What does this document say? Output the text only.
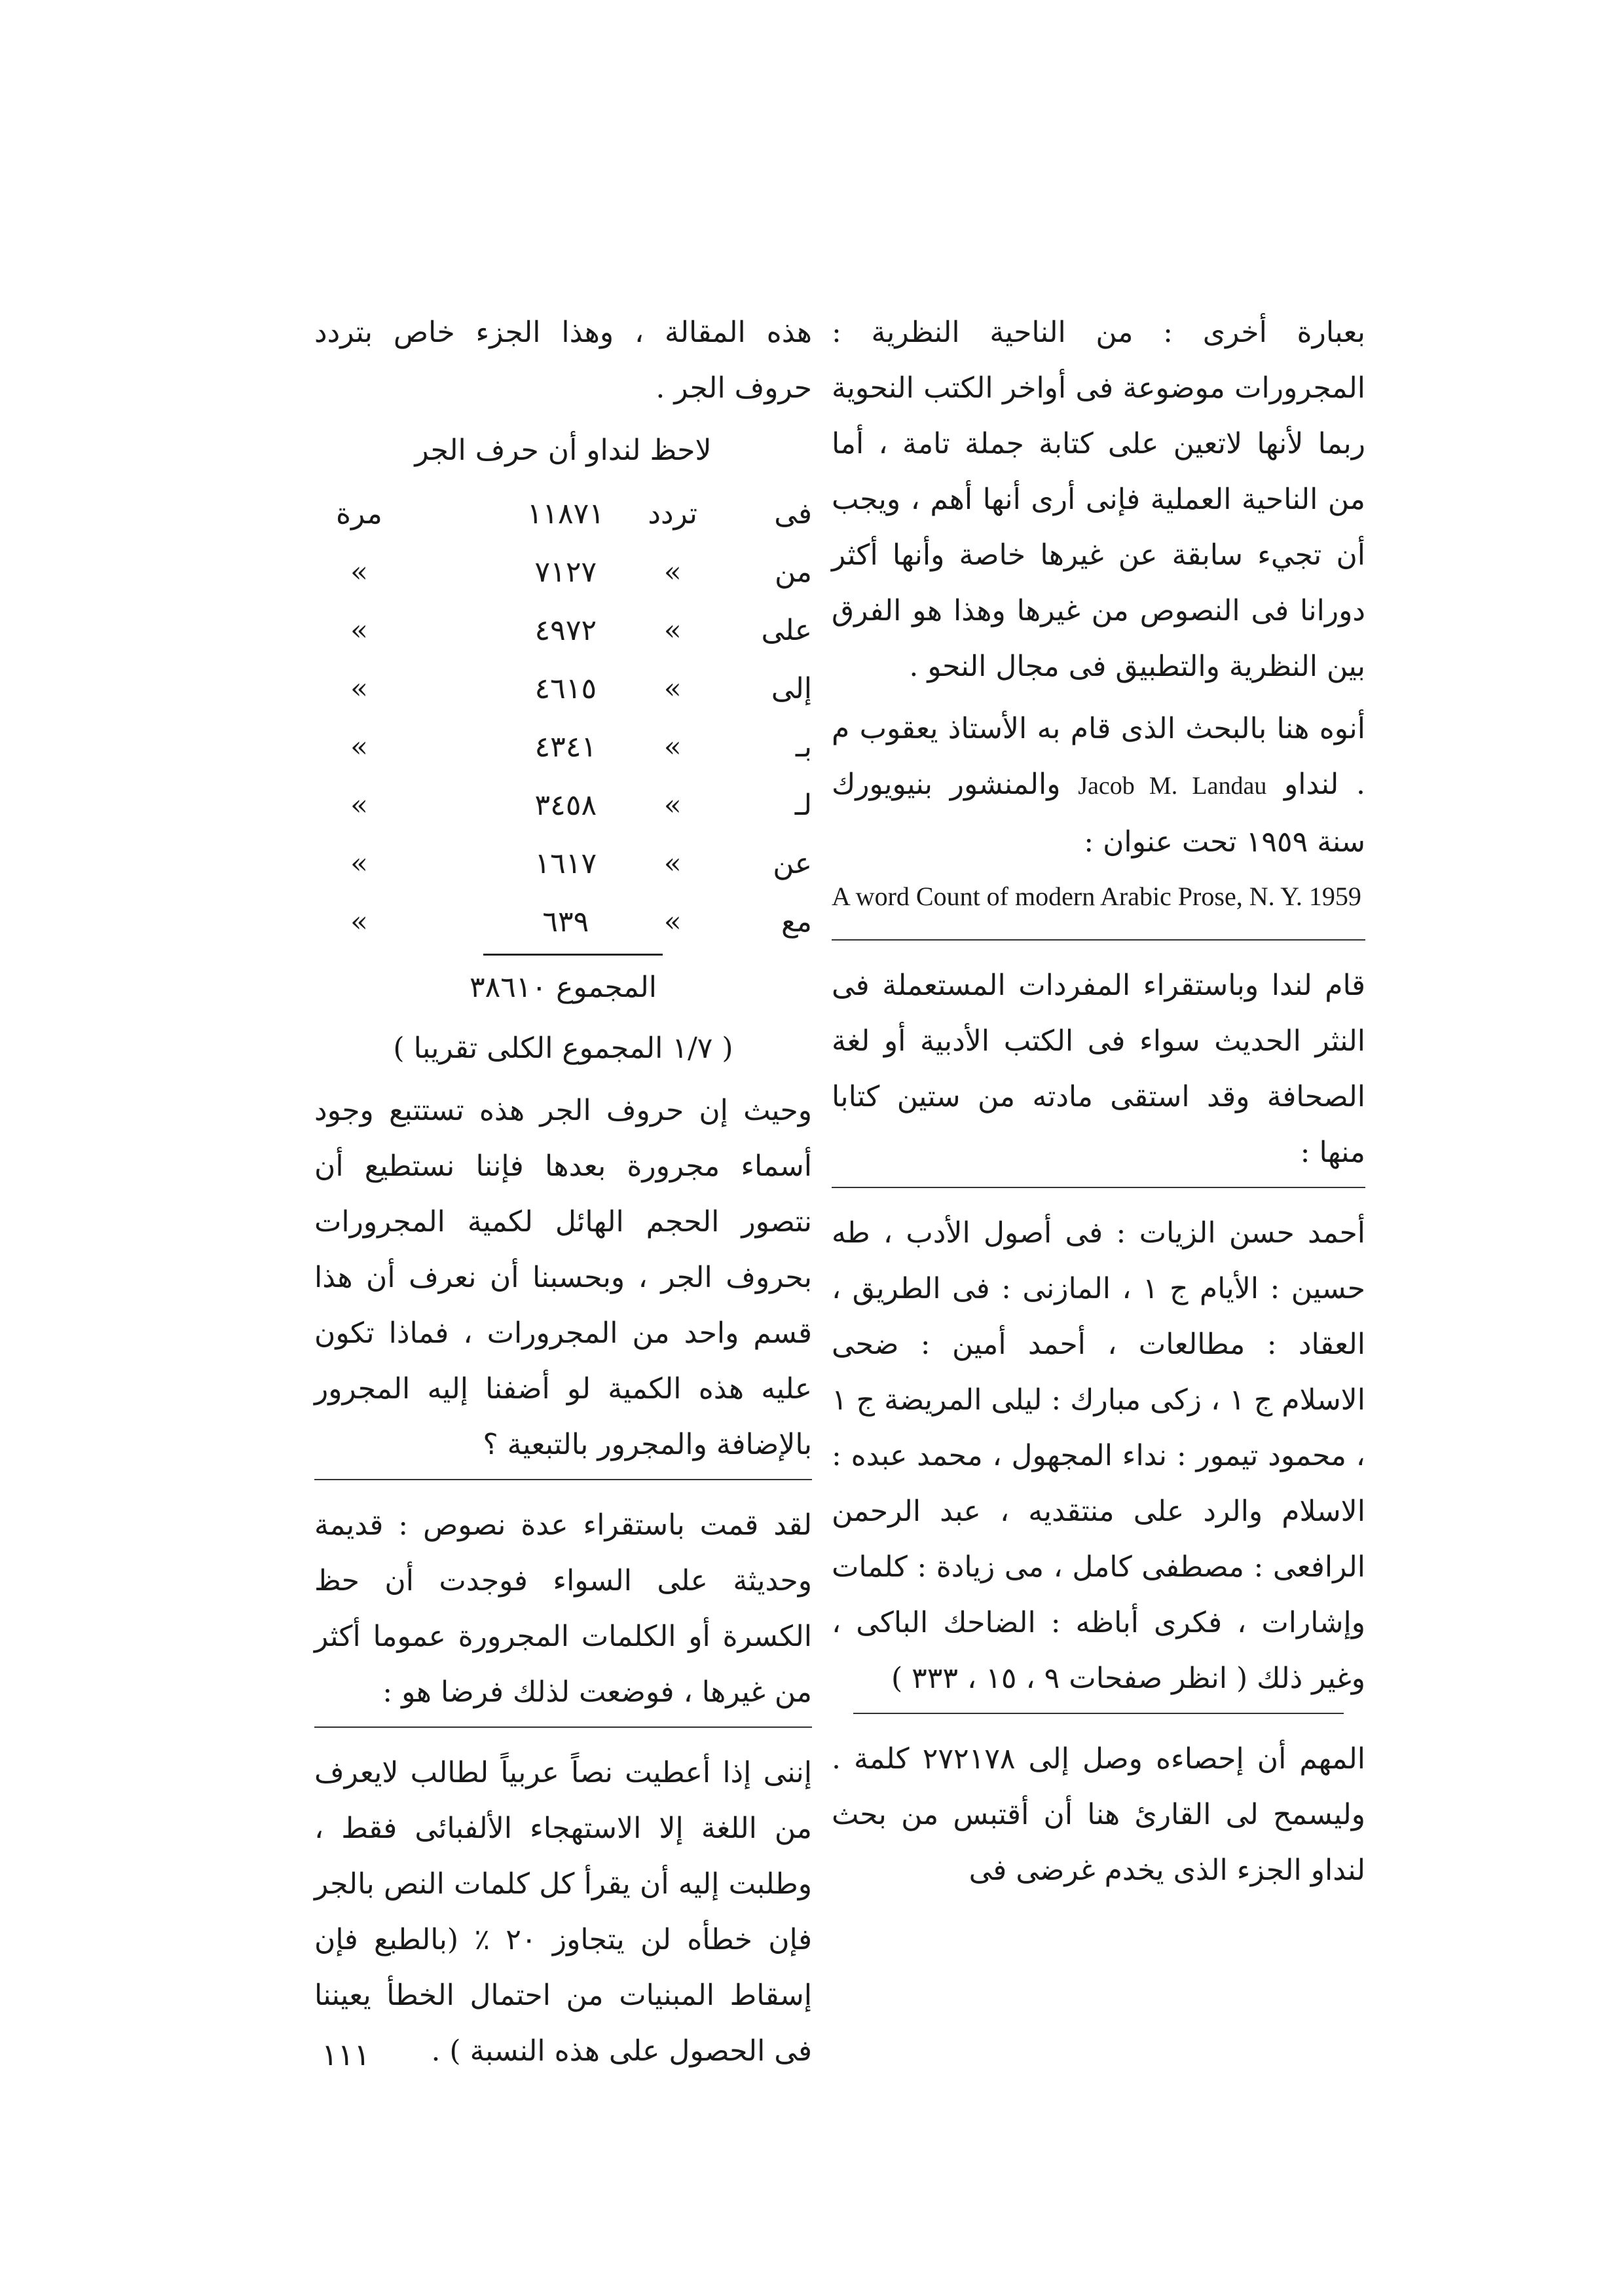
بعبارة أخرى : من الناحية النظرية : المجرورات موضوعة فى أواخر الكتب النحوية ربما لأنها لاتعين على كتابة جملة تامة ، أما من الناحية العملية فإنى أرى أنها أهم ، ويجب أن تجيء سابقة عن غيرها خاصة وأنها أكثر دورانا فى النصوص من غيرها وهذا هو الفرق بين النظرية والتطبيق فى مجال النحو .

أنوه هنا بالبحث الذى قام به الأستاذ يعقوب م . لنداو Jacob M. Landau والمنشور بنيويورك سنة ١٩٥٩ تحت عنوان :

A word Count of modern Arabic Prose, N. Y. 1959

قام لندا وباستقراء المفردات المستعملة فى النثر الحديث سواء فى الكتب الأدبية أو لغة الصحافة وقد استقى مادته من ستين كتابا منها :

أحمد حسن الزيات : فى أصول الأدب ، طه حسين : الأيام ج ١ ، المازنى : فى الطريق ، العقاد : مطالعات ، أحمد أمين : ضحى الاسلام ج ١ ، زكى مبارك : ليلى المريضة ج ١ ، محمود تيمور : نداء المجهول ، محمد عبده : الاسلام والرد على منتقديه ، عبد الرحمن الرافعى : مصطفى كامل ، مى زيادة : كلمات وإشارات ، فكرى أباظه : الضاحك الباكى ، وغير ذلك ( انظر صفحات ٩ ، ١٥ ، ٣٣٣ )

المهم أن إحصاءه وصل إلى ٢٧٢١٧٨ كلمة . وليسمح لى القارئ هنا أن أقتبس من بحث لنداو الجزء الذى يخدم غرضى فى

هذه المقالة ، وهذا الجزء خاص بتردد حروف الجر .

لاحظ لنداو أن حرف الجر

فى	تردد	١١٨٧١		مرة
من	»	٧١٢٧		»
على	»	٤٩٧٢		»
إلى	»	٤٦١٥		»
بـ	»	٤٣٤١		»
لـ	»	٣٤٥٨		»
عن	»	١٦١٧		»
مع	»	٦٣٩		»

المجموع ٣٨٦١٠

( ١/٧ المجموع الكلى تقريبا )

وحيث إن حروف الجر هذه تستتبع وجود أسماء مجرورة بعدها فإننا نستطيع أن نتصور الحجم الهائل لكمية المجرورات بحروف الجر ، وبحسبنا أن نعرف أن هذا قسم واحد من المجرورات ، فماذا تكون عليه هذه الكمية لو أضفنا إليه المجرور بالإضافة والمجرور بالتبعية ؟

لقد قمت باستقراء عدة نصوص : قديمة وحديثة على السواء فوجدت أن حظ الكسرة أو الكلمات المجرورة عموما أكثر من غيرها ، فوضعت لذلك فرضا هو :

إننى إذا أعطيت نصاً عربياً لطالب لايعرف من اللغة إلا الاستهجاء الألفبائى فقط ، وطلبت إليه أن يقرأ كل كلمات النص بالجر فإن خطأه لن يتجاوز ٢٠ ٪ (بالطبع فإن إسقاط المبنيات من احتمال الخطأ يعيننا فى الحصول على هذه النسبة ) .

١١١
